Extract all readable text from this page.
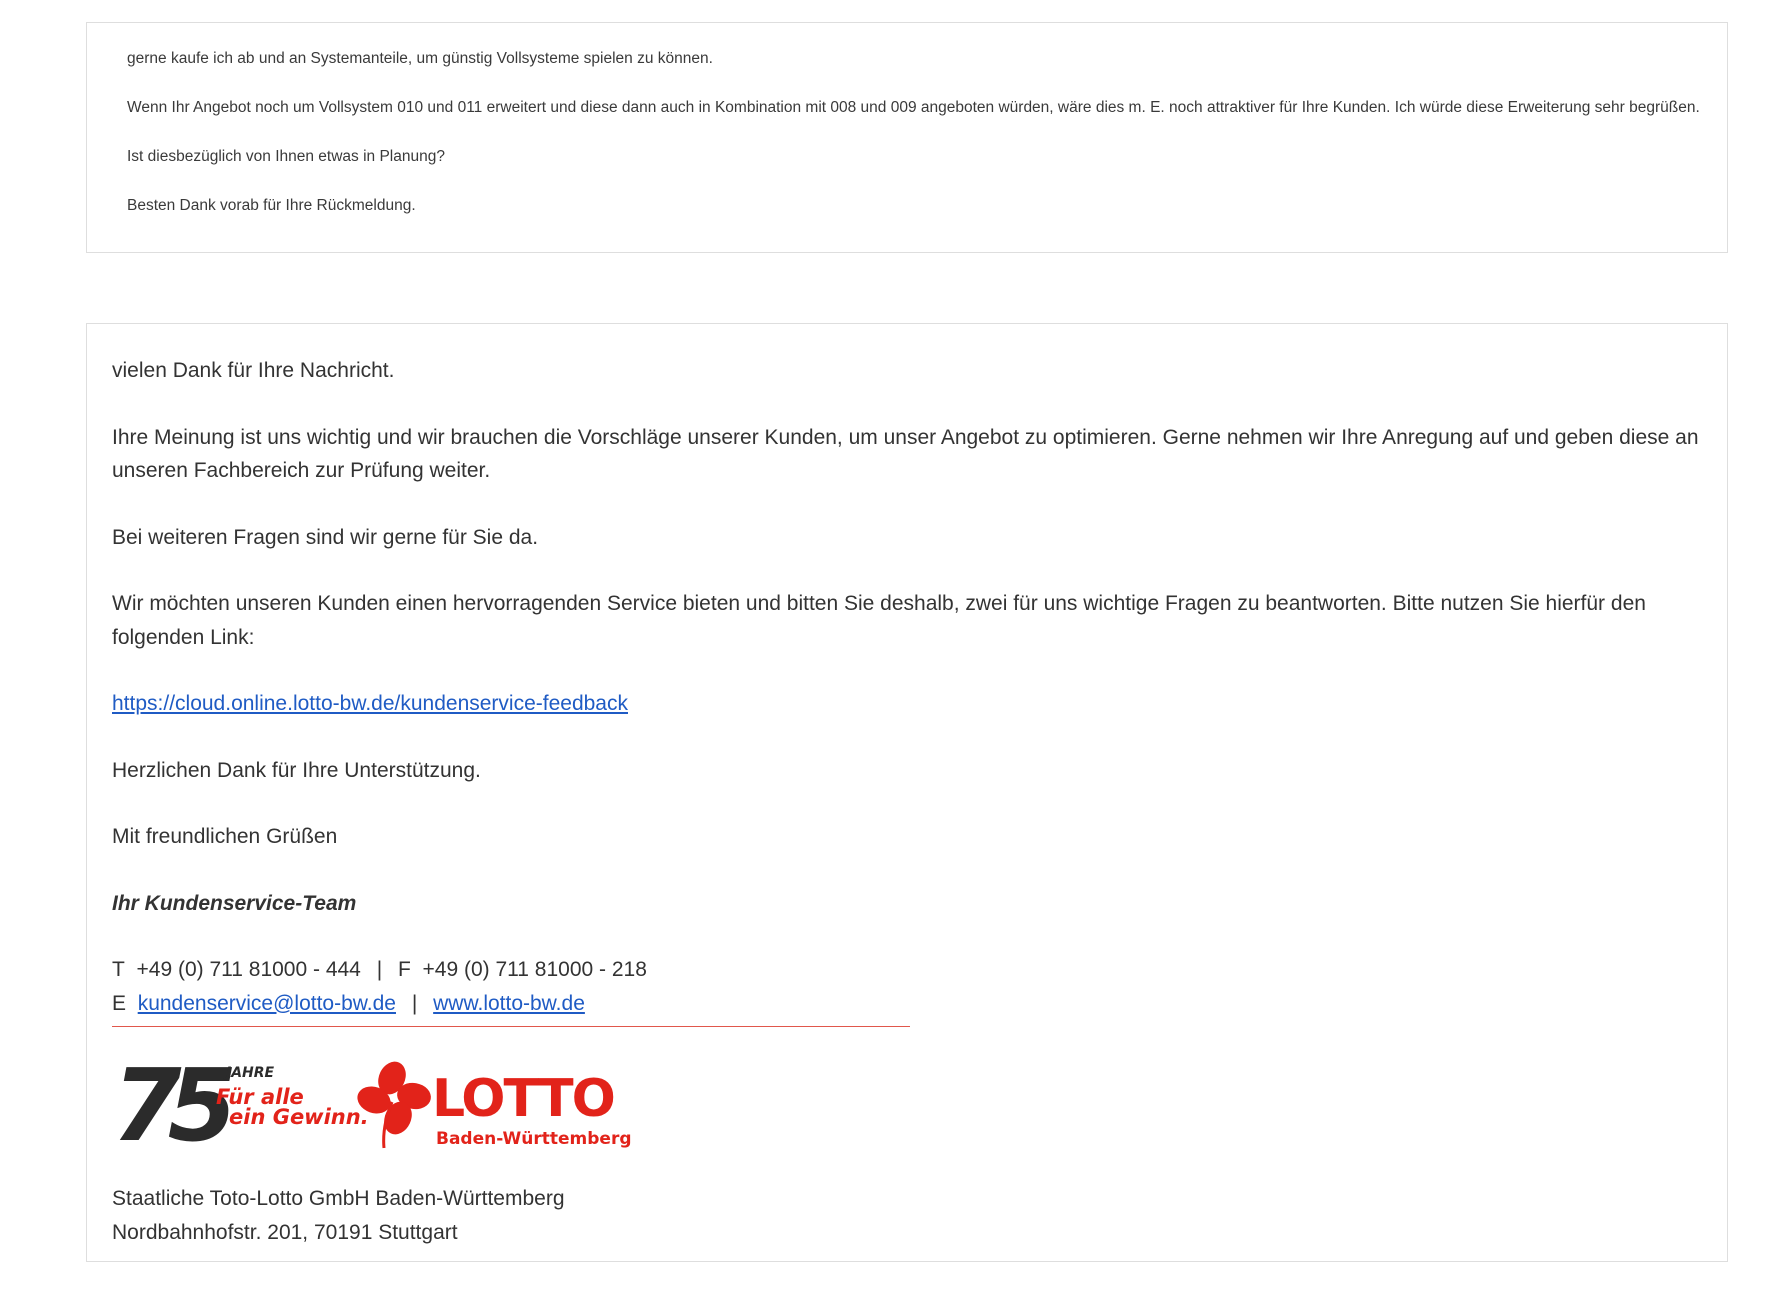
gerne kaufe ich ab und an Systemanteile, um günstig Vollsysteme spielen zu können.

Wenn Ihr Angebot noch um Vollsystem 010 und 011 erweitert und diese dann auch in Kombination mit 008 und 009 angeboten würden, wäre dies m. E. noch attraktiver für Ihre Kunden. Ich würde diese Erweiterung sehr begrüßen.

Ist diesbezüglich von Ihnen etwas in Planung?

Besten Dank vorab für Ihre Rückmeldung.

vielen Dank für Ihre Nachricht.

Ihre Meinung ist uns wichtig und wir brauchen die Vorschläge unserer Kunden, um unser Angebot zu optimieren. Gerne nehmen wir Ihre Anregung auf und geben diese an unseren Fachbereich zur Prüfung weiter.

Bei weiteren Fragen sind wir gerne für Sie da.

Wir möchten unseren Kunden einen hervorragenden Service bieten und bitten Sie deshalb, zwei für uns wichtige Fragen zu beantworten. Bitte nutzen Sie hierfür den folgenden Link:

https://cloud.online.lotto-bw.de/kundenservice-feedback

Herzlichen Dank für Ihre Unterstützung.

Mit freundlichen Grüßen

Ihr Kundenservice-Team

T +49 (0) 711 81000 - 444 | F +49 (0) 711 81000 - 218
E kundenservice@lotto-bw.de | www.lotto-bw.de
75 JAHRE
Für alle
ein Gewinn. LOTTO
Baden-Württemberg

Staatliche Toto-Lotto GmbH Baden-Württemberg

Nordbahnhofstr. 201, 70191 Stuttgart
